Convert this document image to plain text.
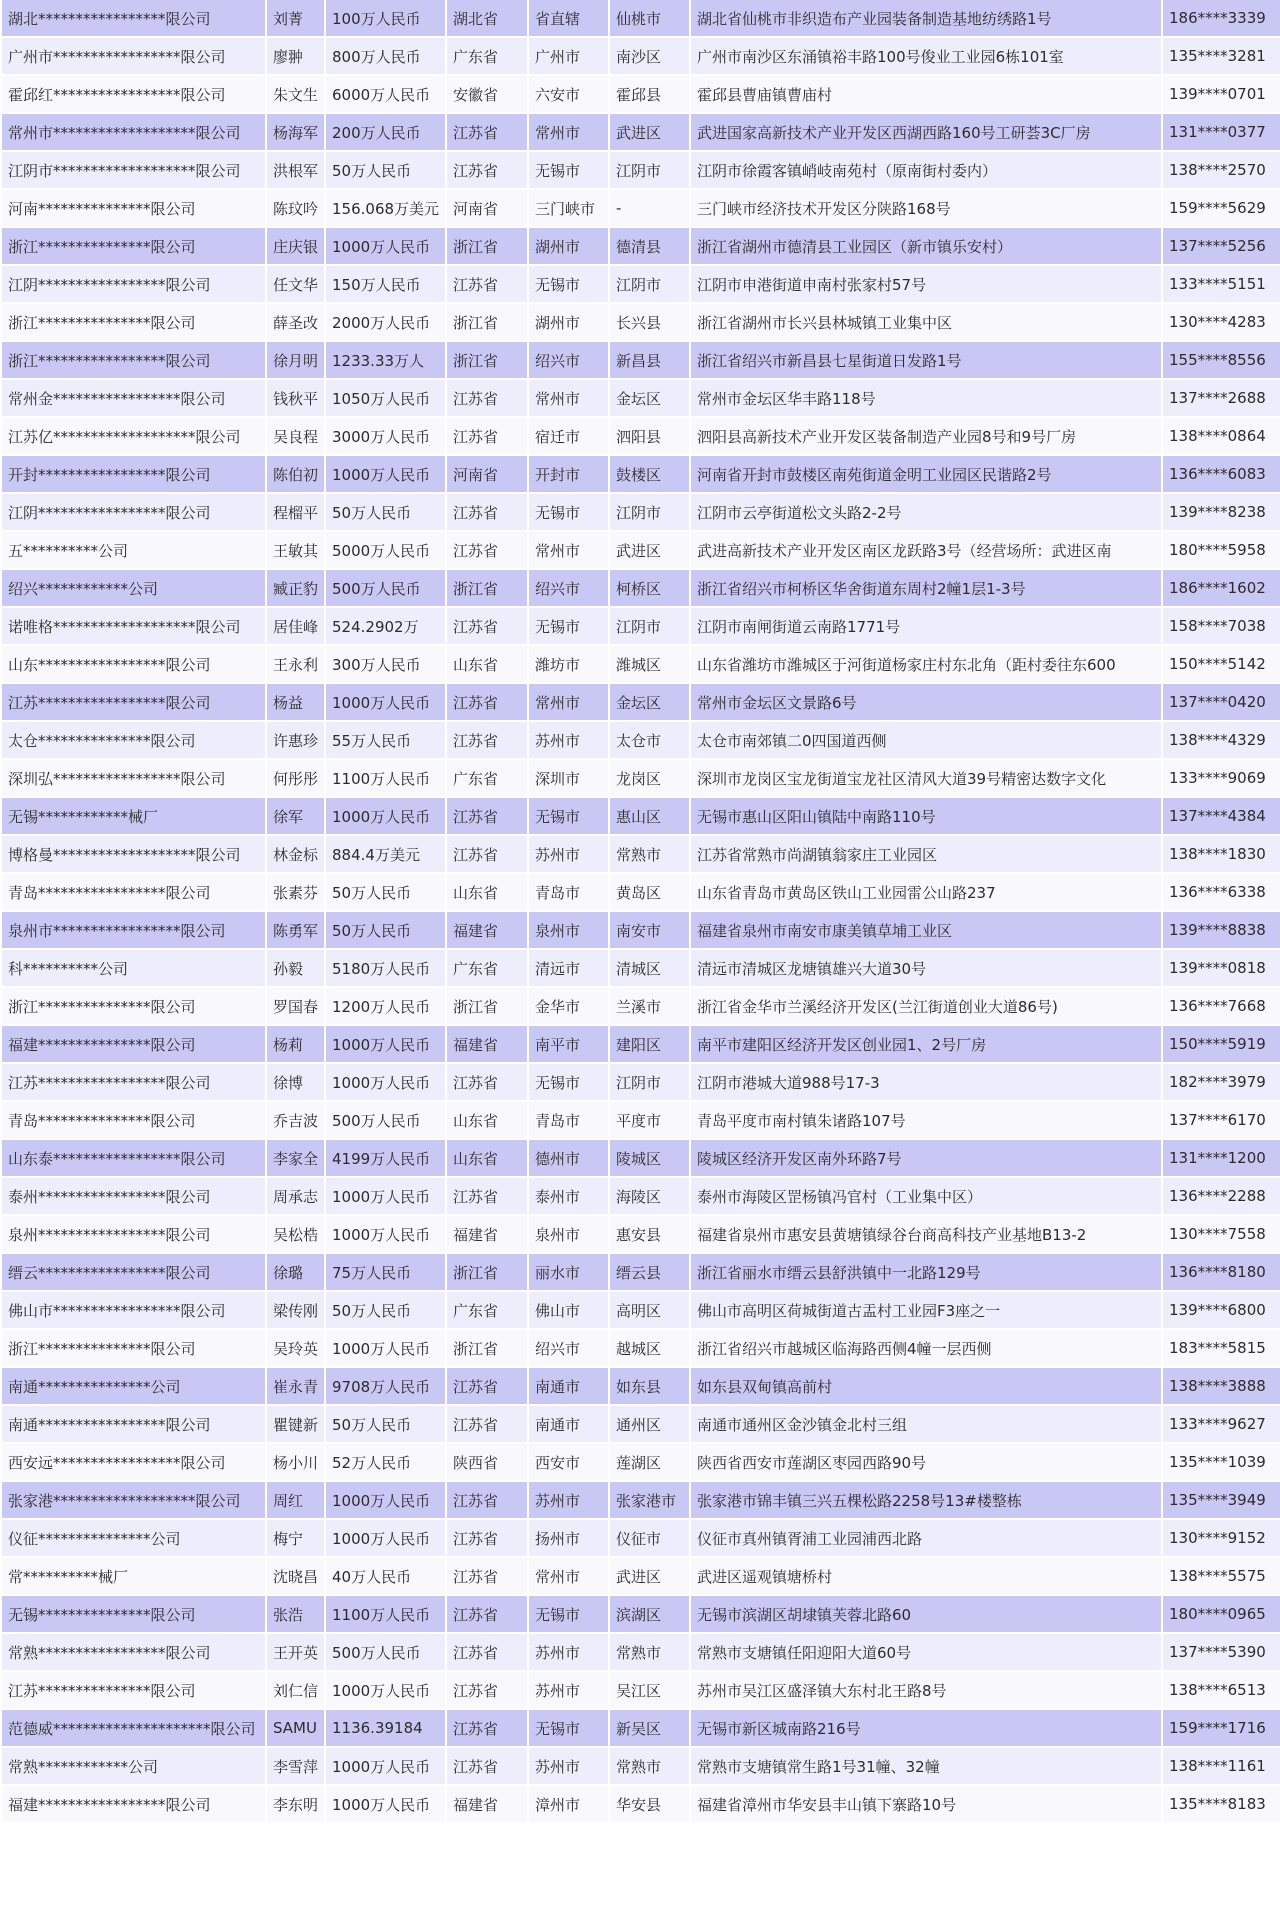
湖北*****************限公司	刘菁	100万人民币	湖北省	省直辖	仙桃市	湖北省仙桃市非织造布产业园装备制造基地纺绣路1号	186****3339
广州市*****************限公司	廖翀	800万人民币	广东省	广州市	南沙区	广州市南沙区东涌镇裕丰路100号俊业工业园6栋101室	135****3281
霍邱红*****************限公司	朱文生	6000万人民币	安徽省	六安市	霍邱县	霍邱县曹庙镇曹庙村	139****0701
常州市*******************限公司	杨海军	200万人民币	江苏省	常州市	武进区	武进国家高新技术产业开发区西湖西路160号工研荟3C厂房	131****0377
江阴市*******************限公司	洪根军	50万人民币	江苏省	无锡市	江阴市	江阴市徐霞客镇峭岐南苑村（原南街村委内）	138****2570
河南***************限公司	陈玟吟	156.068万美元	河南省	三门峡市	-	三门峡市经济技术开发区分陕路168号	159****5629
浙江***************限公司	庄庆银	1000万人民币	浙江省	湖州市	德清县	浙江省湖州市德清县工业园区（新市镇乐安村）	137****5256
江阴*****************限公司	任文华	150万人民币	江苏省	无锡市	江阴市	江阴市申港街道申南村张家村57号	133****5151
浙江***************限公司	薛圣改	2000万人民币	浙江省	湖州市	长兴县	浙江省湖州市长兴县林城镇工业集中区	130****4283
浙江*****************限公司	徐月明	1233.33万人	浙江省	绍兴市	新昌县	浙江省绍兴市新昌县七星街道日发路1号	155****8556
常州金*****************限公司	钱秋平	1050万人民币	江苏省	常州市	金坛区	常州市金坛区华丰路118号	137****2688
江苏亿*******************限公司	吴良程	3000万人民币	江苏省	宿迁市	泗阳县	泗阳县高新技术产业开发区装备制造产业园8号和9号厂房	138****0864
开封*****************限公司	陈伯初	1000万人民币	河南省	开封市	鼓楼区	河南省开封市鼓楼区南苑街道金明工业园区民谐路2号	136****6083
江阴*****************限公司	程榴平	50万人民币	江苏省	无锡市	江阴市	江阴市云亭街道松文头路2-2号	139****8238
五**********公司	王敏其	5000万人民币	江苏省	常州市	武进区	武进高新技术产业开发区南区龙跃路3号（经营场所：武进区南	180****5958
绍兴************公司	臧正豹	500万人民币	浙江省	绍兴市	柯桥区	浙江省绍兴市柯桥区华舍街道东周村2幢1层1-3号	186****1602
诺唯格*******************限公司	居佳峰	524.2902万	江苏省	无锡市	江阴市	江阴市南闸街道云南路1771号	158****7038
山东*****************限公司	王永利	300万人民币	山东省	潍坊市	潍城区	山东省潍坊市潍城区于河街道杨家庄村东北角（距村委往东600	150****5142
江苏*****************限公司	杨益	1000万人民币	江苏省	常州市	金坛区	常州市金坛区文景路6号	137****0420
太仓***************限公司	许惠珍	55万人民币	江苏省	苏州市	太仓市	太仓市南郊镇二0四国道西侧	138****4329
深圳弘*****************限公司	何彤彤	1100万人民币	广东省	深圳市	龙岗区	深圳市龙岗区宝龙街道宝龙社区清风大道39号精密达数字文化	133****9069
无锡************械厂	徐军	1000万人民币	江苏省	无锡市	惠山区	无锡市惠山区阳山镇陆中南路110号	137****4384
博格曼*******************限公司	林金标	884.4万美元	江苏省	苏州市	常熟市	江苏省常熟市尚湖镇翁家庄工业园区	138****1830
青岛*****************限公司	张素芬	50万人民币	山东省	青岛市	黄岛区	山东省青岛市黄岛区铁山工业园雷公山路237	136****6338
泉州市*****************限公司	陈勇军	50万人民币	福建省	泉州市	南安市	福建省泉州市南安市康美镇草埔工业区	139****8838
科**********公司	孙毅	5180万人民币	广东省	清远市	清城区	清远市清城区龙塘镇雄兴大道30号	139****0818
浙江***************限公司	罗国春	1200万人民币	浙江省	金华市	兰溪市	浙江省金华市兰溪经济开发区(兰江街道创业大道86号)	136****7668
福建***************限公司	杨莉	1000万人民币	福建省	南平市	建阳区	南平市建阳区经济开发区创业园1、2号厂房	150****5919
江苏*****************限公司	徐博	1000万人民币	江苏省	无锡市	江阴市	江阴市港城大道988号17-3	182****3979
青岛***************限公司	乔吉波	500万人民币	山东省	青岛市	平度市	青岛平度市南村镇朱诸路107号	137****6170
山东泰*****************限公司	李家全	4199万人民币	山东省	德州市	陵城区	陵城区经济开发区南外环路7号	131****1200
泰州*****************限公司	周承志	1000万人民币	江苏省	泰州市	海陵区	泰州市海陵区罡杨镇冯官村（工业集中区）	136****2288
泉州*****************限公司	吴松梏	1000万人民币	福建省	泉州市	惠安县	福建省泉州市惠安县黄塘镇绿谷台商高科技产业基地B13-2	130****7558
缙云*****************限公司	徐璐	75万人民币	浙江省	丽水市	缙云县	浙江省丽水市缙云县舒洪镇中一北路129号	136****8180
佛山市*****************限公司	梁传刚	50万人民币	广东省	佛山市	高明区	佛山市高明区荷城街道古盂村工业园F3座之一	139****6800
浙江***************限公司	吴玲英	1000万人民币	浙江省	绍兴市	越城区	浙江省绍兴市越城区临海路西侧4幢一层西侧	183****5815
南通***************公司	崔永青	9708万人民币	江苏省	南通市	如东县	如东县双甸镇高前村	138****3888
南通*****************限公司	瞿键新	50万人民币	江苏省	南通市	通州区	南通市通州区金沙镇金北村三组	133****9627
西安远*****************限公司	杨小川	52万人民币	陕西省	西安市	莲湖区	陕西省西安市莲湖区枣园西路90号	135****1039
张家港*******************限公司	周红	1000万人民币	江苏省	苏州市	张家港市	张家港市锦丰镇三兴五棵松路2258号13#楼整栋	135****3949
仪征***************公司	梅宁	1000万人民币	江苏省	扬州市	仪征市	仪征市真州镇胥浦工业园浦西北路	130****9152
常**********械厂	沈晓昌	40万人民币	江苏省	常州市	武进区	武进区遥观镇塘桥村	138****5575
无锡***************限公司	张浩	1100万人民币	江苏省	无锡市	滨湖区	无锡市滨湖区胡埭镇芙蓉北路60	180****0965
常熟*****************限公司	王开英	500万人民币	江苏省	苏州市	常熟市	常熟市支塘镇任阳迎阳大道60号	137****5390
江苏***************限公司	刘仁信	1000万人民币	江苏省	苏州市	吴江区	苏州市吴江区盛泽镇大东村北王路8号	138****6513
范德威*********************限公司	SAMU	1136.39184	江苏省	无锡市	新吴区	无锡市新区城南路216号	159****1716
常熟************公司	李雪萍	1000万人民币	江苏省	苏州市	常熟市	常熟市支塘镇常生路1号31幢、32幢	138****1161
福建*****************限公司	李东明	1000万人民币	福建省	漳州市	华安县	福建省漳州市华安县丰山镇下寨路10号	135****8183
